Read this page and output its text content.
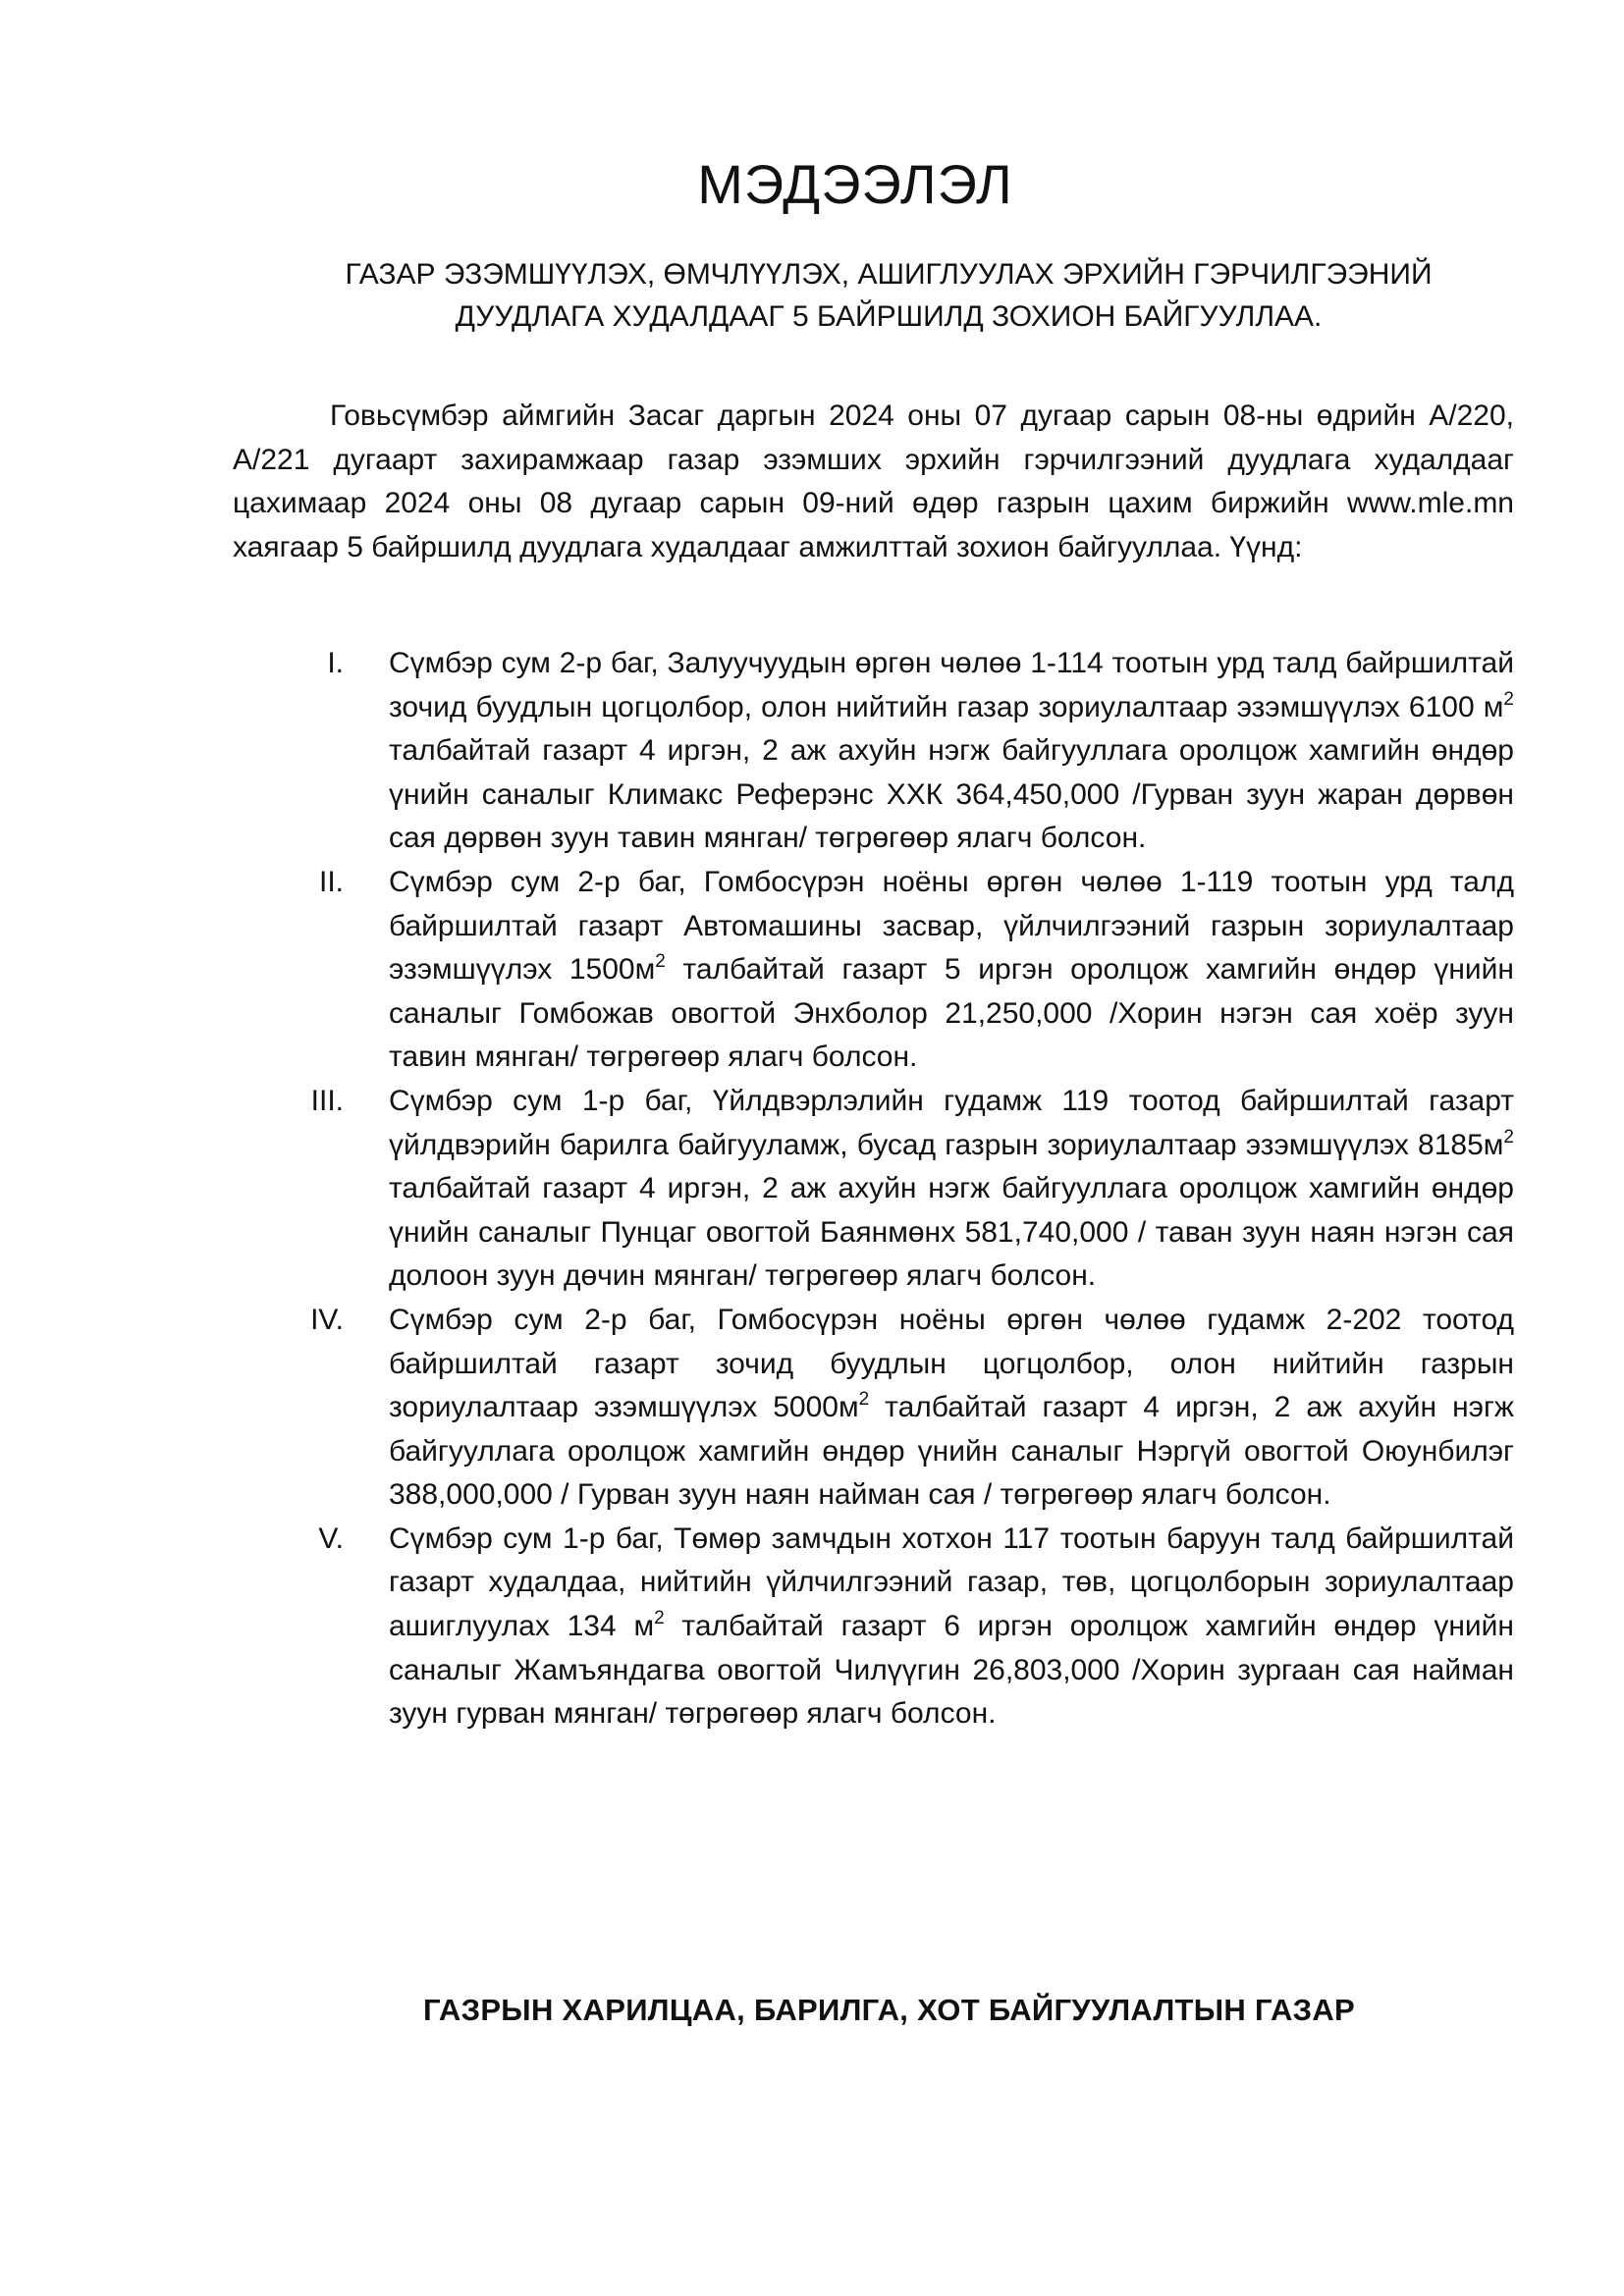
МЭДЭЭЛЭЛ
ГАЗАР ЭЗЭМШҮҮЛЭХ, ӨМЧЛҮҮЛЭХ, АШИГЛУУЛАХ ЭРХИЙН ГЭРЧИЛГЭЭНИЙ
ДУУДЛАГА ХУДАЛДААГ 5 БАЙРШИЛД ЗОХИОН БАЙГУУЛЛАА.

Говьсүмбэр аймгийн Засаг даргын 2024 оны 07 дугаар сарын 08-ны өдрийн А/220, А/221 дугаарт захирамжаар газар эзэмших эрхийн гэрчилгээний дуудлага худалдааг цахимаар 2024 оны 08 дугаар сарын 09-ний өдөр газрын цахим биржийн www.mle.mn хаягаар 5 байршилд дуудлага худалдааг амжилттай зохион байгууллаа. Үүнд:

I. Сүмбэр сум 2-р баг, Залуучуудын өргөн чөлөө 1-114 тоотын урд талд байршилтай зочид буудлын цогцолбор, олон нийтийн газар зориулалтаар эзэмшүүлэх 6100 $м^2$ талбайтай газарт 4 иргэн, 2 аж ахуйн нэгж байгууллага оролцож хамгийн өндөр үнийн саналыг Климакс Реферэнс ХХК 364,450,000 /Гурван зуун жаран дөрвөн сая дөрвөн зуун тавин мянган/ төгрөгөөр ялагч болсон.
II. Сүмбэр сум 2-р баг, Гомбосүрэн ноёны өргөн чөлөө 1-119 тоотын урд талд байршилтай газарт Автомашины засвар, үйлчилгээний газрын зориулалтаар эзэмшүүлэх $1500м^2$ талбайтай газарт 5 иргэн оролцож хамгийн өндөр үнийн саналыг Гомбожав овогтой Энхболор 21,250,000 /Хорин нэгэн сая хоёр зуун тавин мянган/ төгрөгөөр ялагч болсон.
III. Сүмбэр сум 1-р баг, Үйлдвэрлэлийн гудамж 119 тоотод байршилтай газарт үйлдвэрийн барилга байгууламж, бусад газрын зориулалтаар эзэмшүүлэх $8185м^2$ талбайтай газарт 4 иргэн, 2 аж ахуйн нэгж байгууллага оролцож хамгийн өндөр үнийн саналыг Пунцаг овогтой Баянмөнх 581,740,000 / таван зуун наян нэгэн сая долоон зуун дөчин мянган/ төгрөгөөр ялагч болсон.
IV. Сүмбэр сум 2-р баг, Гомбосүрэн ноёны өргөн чөлөө гудамж 2-202 тоотод байршилтай газарт зочид буудлын цогцолбор, олон нийтийн газрын зориулалтаар эзэмшүүлэх $5000м^2$ талбайтай газарт 4 иргэн, 2 аж ахуйн нэгж байгууллага оролцож хамгийн өндөр үнийн саналыг Нэргүй овогтой Оюунбилэг 388,000,000 / Гурван зуун наян найман сая / төгрөгөөр ялагч болсон.
V. Сүмбэр сум 1-р баг, Төмөр замчдын хотхон 117 тоотын баруун талд байршилтай газарт худалдаа, нийтийн үйлчилгээний газар, төв, цогцолборын зориулалтаар ашиглуулах 134 $м^2$ талбайтай газарт 6 иргэн оролцож хамгийн өндөр үнийн саналыг Жамъяндагва овогтой Чилүүгин 26,803,000 /Хорин зургаан сая найман зуун гурван мянган/ төгрөгөөр ялагч болсон.
ГАЗРЫН ХАРИЛЦАА, БАРИЛГА, ХОТ БАЙГУУЛАЛТЫН ГАЗАР
